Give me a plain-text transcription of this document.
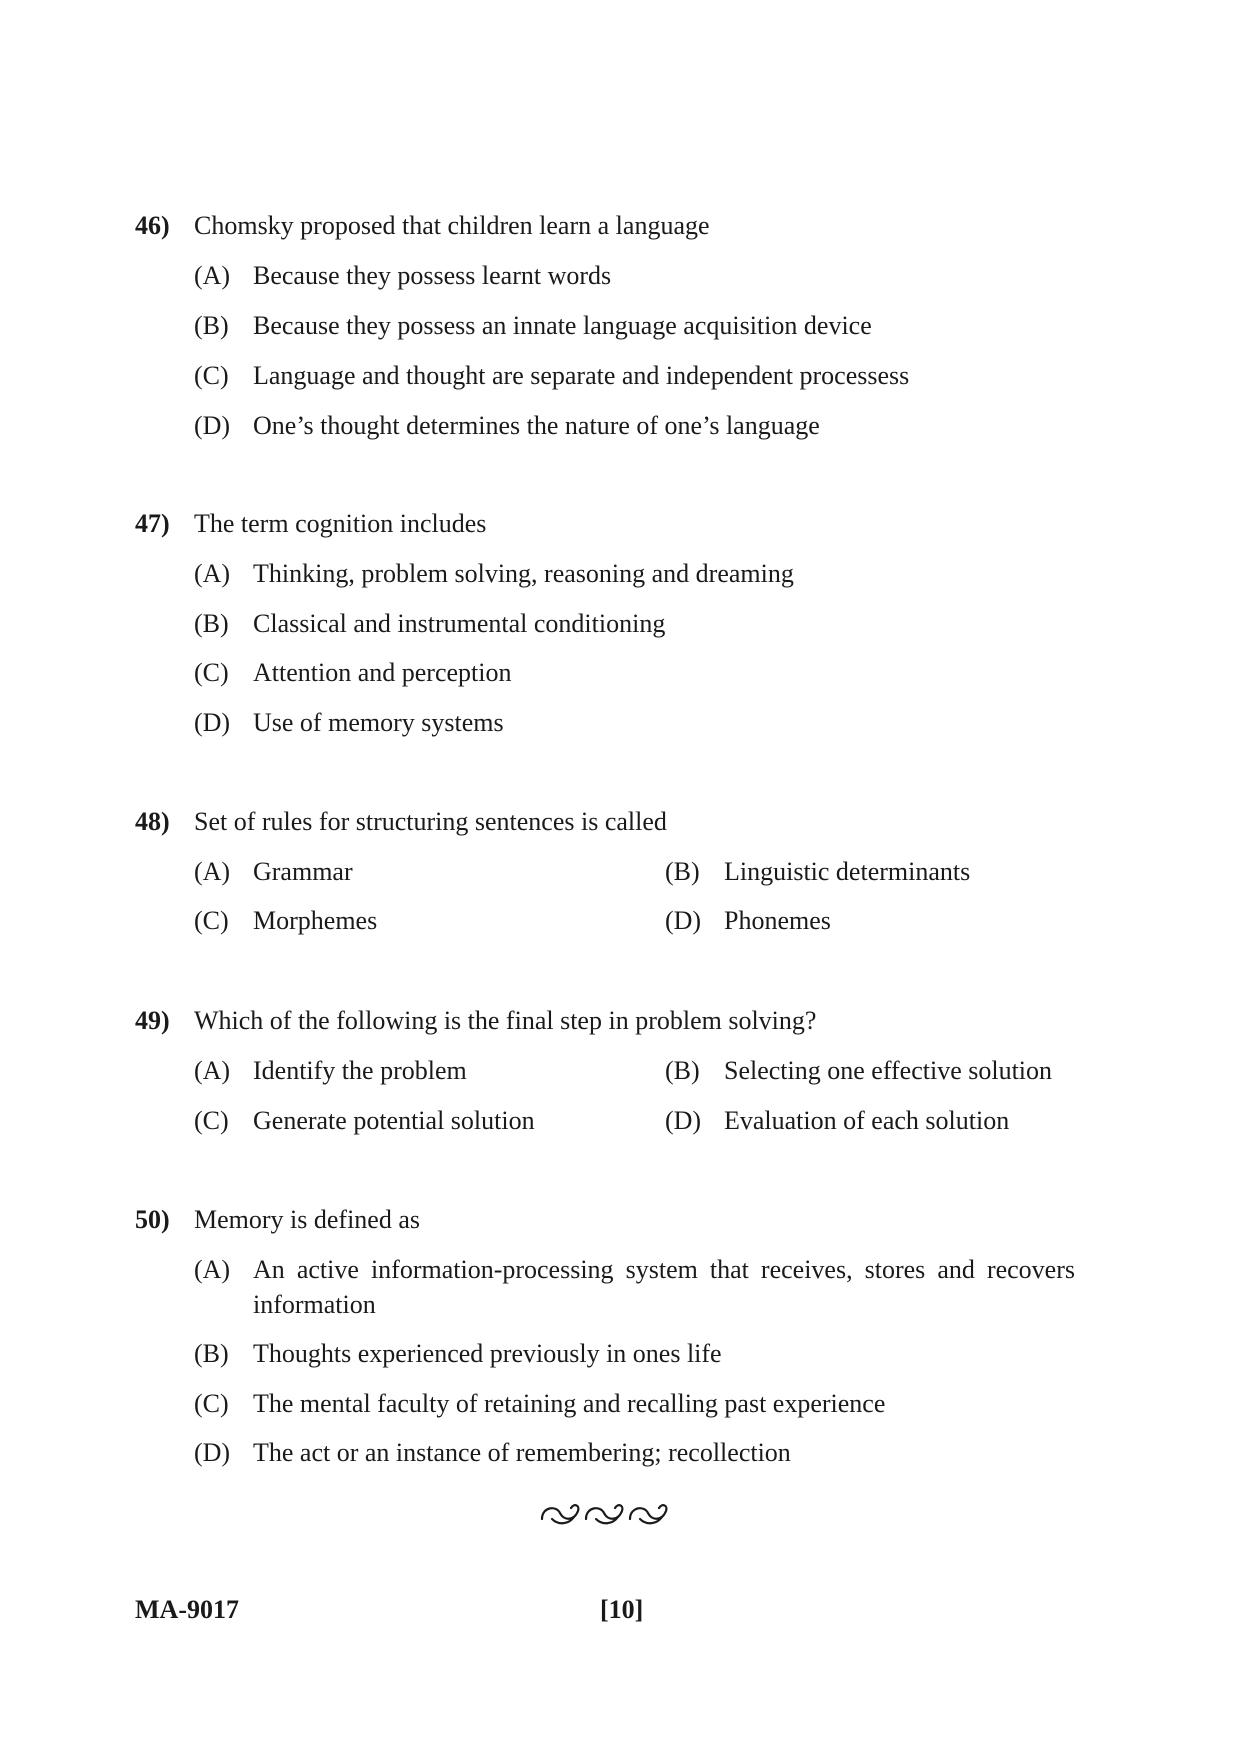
46) Chomsky proposed that children learn a language
(A) Because they possess learnt words
(B) Because they possess an innate language acquisition device
(C) Language and thought are separate and independent processess
(D) One’s thought determines the nature of one’s language
47) The term cognition includes
(A) Thinking, problem solving, reasoning and dreaming
(B) Classical and instrumental conditioning
(C) Attention and perception
(D) Use of memory systems
48) Set of rules for structuring sentences is called
(A) Grammar	(B) Linguistic determinants
(C) Morphemes	(D) Phonemes
49) Which of the following is the final step in problem solving?
(A) Identify the problem	(B) Selecting one effective solution
(C) Generate potential solution	(D) Evaluation of each solution
50) Memory is defined as
(A) An active information-processing system that receives, stores and recovers information
(B) Thoughts experienced previously in ones life
(C) The mental faculty of retaining and recalling past experience
(D) The act or an instance of remembering; recollection
MA-9017	[10]
